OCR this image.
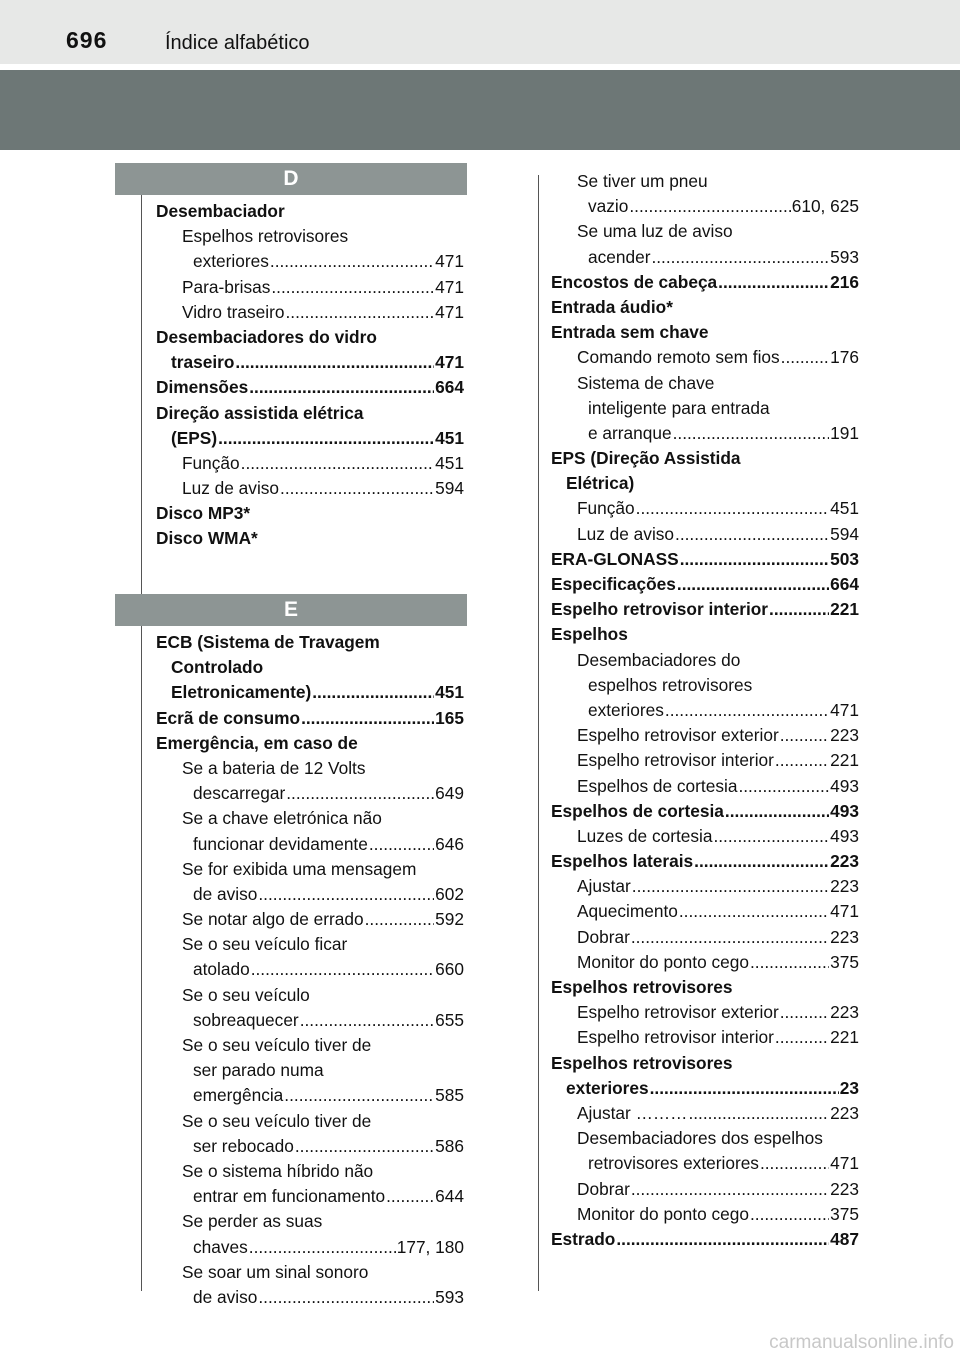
696	Índice alfabético
D
Desembaciador
Espelhos retrovisores
exteriores .....	471
Para-brisas .....	471
Vidro traseiro .....	471
Desembaciadores do vidro
traseiro .....	471
Dimensões .....	664
Direção assistida elétrica
(EPS) .....	451
Função .....	451
Luz de aviso .....	594
Disco MP3*
Disco WMA*
E
ECB (Sistema de Travagem
Controlado
Eletronicamente) .....	451
Ecrã de consumo .....	165
Emergência, em caso de
Se a bateria de 12 Volts
descarregar .....	649
Se a chave eletrónica não
funcionar devidamente .....	646
Se for exibida uma mensagem
de aviso .....	602
Se notar algo de errado .....	592
Se o seu veículo ficar
atolado .....	660
Se o seu veículo
sobreaquecer .....	655
Se o seu veículo tiver de
ser parado numa
emergência .....	585
Se o seu veículo tiver de
ser rebocado .....	586
Se o sistema híbrido não
entrar em funcionamento .....	644
Se perder as suas
chaves .....	177, 180
Se soar um sinal sonoro
de aviso .....	593
Se tiver um pneu
vazio .....	610, 625
Se uma luz de aviso
acender .....	593
Encostos de cabeça .....	216
Entrada áudio*
Entrada sem chave
Comando remoto sem fios .....	176
Sistema de chave
inteligente para entrada
e arranque .....	191
EPS (Direção Assistida
Elétrica)
Função .....	451
Luz de aviso .....	594
ERA-GLONASS .....	503
Especificações .....	664
Espelho retrovisor interior .....	221
Espelhos
Desembaciadores do
espelhos retrovisores
exteriores .....	471
Espelho retrovisor exterior .....	223
Espelho retrovisor interior .....	221
Espelhos de cortesia .....	493
Espelhos de cortesia .....	493
Luzes de cortesia .....	493
Espelhos laterais .....	223
Ajustar .....	223
Aquecimento .....	471
Dobrar .....	223
Monitor do ponto cego .....	375
Espelhos retrovisores
Espelho retrovisor exterior .....	223
Espelho retrovisor interior .....	221
Espelhos retrovisores
exteriores .....	23
Ajustar ……… .....	223
Desembaciadores dos espelhos
retrovisores exteriores .....	471
Dobrar .....	223
Monitor do ponto cego .....	375
Estrado .....	487
carmanualsonline.info
